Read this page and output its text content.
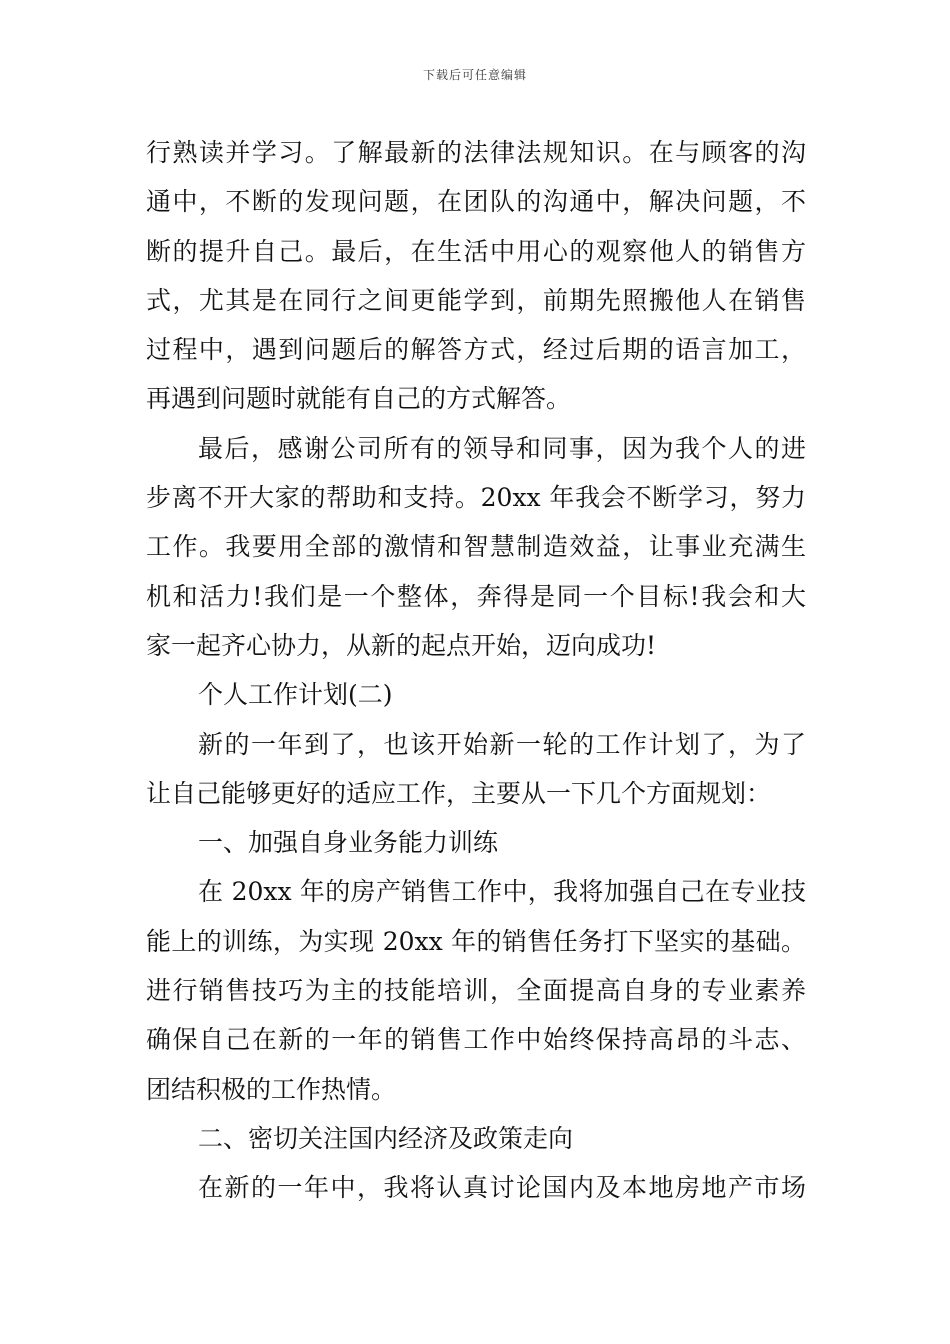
下载后可任意编辑
行熟读并学习。了解最新的法律法规知识。在与顾客的沟
通中，不断的发现问题，在团队的沟通中，解决问题，不
断的提升自己。最后，在生活中用心的观察他人的销售方
式，尤其是在同行之间更能学到，前期先照搬他人在销售
过程中，遇到问题后的解答方式，经过后期的语言加工，
再遇到问题时就能有自己的方式解答。
最后，感谢公司所有的领导和同事，因为我个人的进
步离不开大家的帮助和支持。20xx 年我会不断学习，努力
工作。我要用全部的激情和智慧制造效益，让事业充满生
机和活力!我们是一个整体，奔得是同一个目标!我会和大
家一起齐心协力，从新的起点开始，迈向成功!
个人工作计划(二)
新的一年到了，也该开始新一轮的工作计划了，为了
让自己能够更好的适应工作，主要从一下几个方面规划：
一、加强自身业务能力训练
在 20xx 年的房产销售工作中，我将加强自己在专业技
能上的训练，为实现 20xx 年的销售任务打下坚实的基础。
进行销售技巧为主的技能培训，全面提高自身的专业素养
确保自己在新的一年的销售工作中始终保持高昂的斗志、
团结积极的工作热情。
二、密切关注国内经济及政策走向
在新的一年中，我将认真讨论国内及本地房地产市场
